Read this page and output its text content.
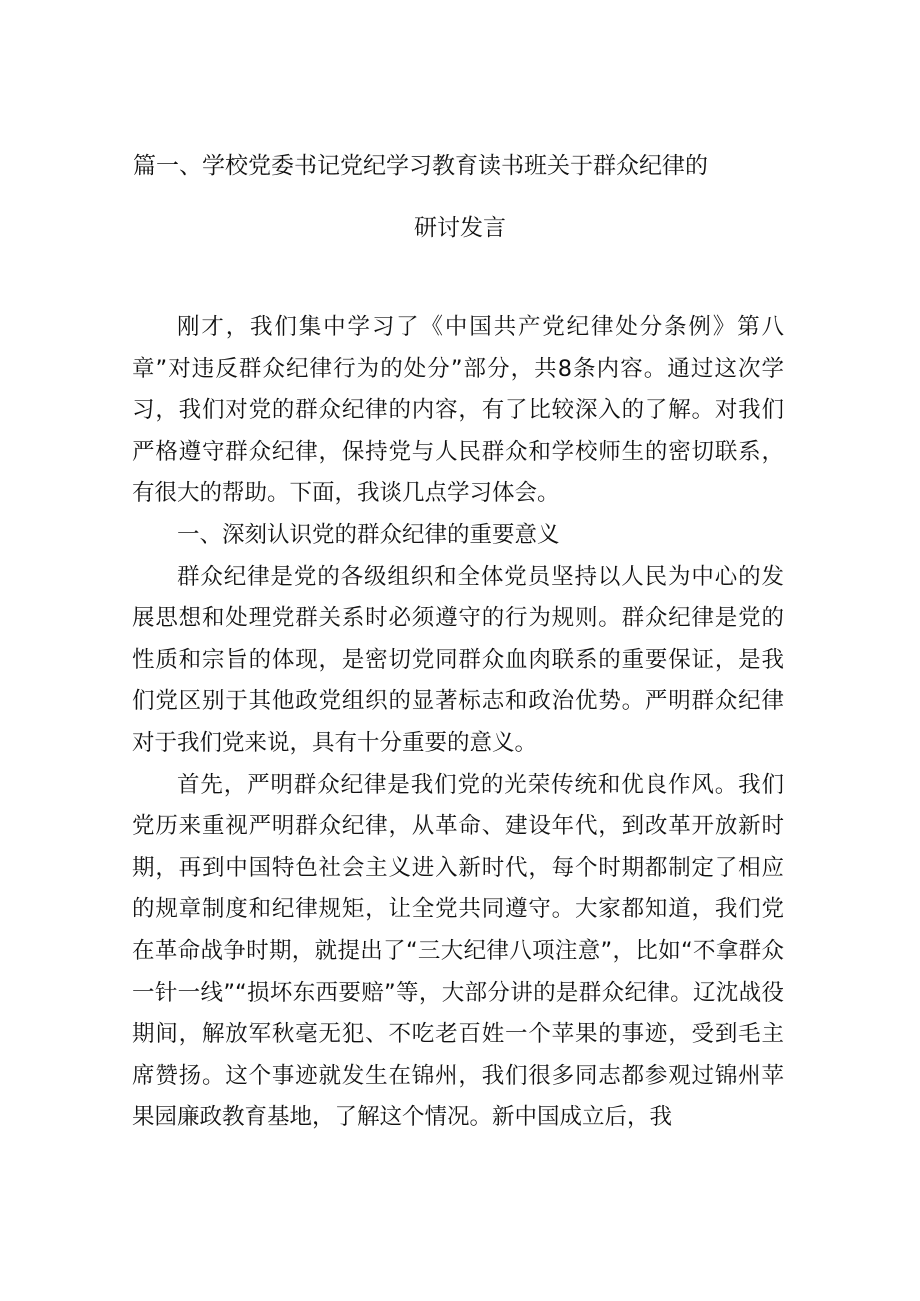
篇一、学校党委书记党纪学习教育读书班关于群众纪律的
研讨发言

刚才，我们集中学习了《中国共产党纪律处分条例》第八章”对违反群众纪律行为的处分”部分，共8条内容。通过这次学习，我们对党的群众纪律的内容，有了比较深入的了解。对我们严格遵守群众纪律，保持党与人民群众和学校师生的密切联系，有很大的帮助。下面，我谈几点学习体会。

一、深刻认识党的群众纪律的重要意义

群众纪律是党的各级组织和全体党员坚持以人民为中心的发展思想和处理党群关系时必须遵守的行为规则。群众纪律是党的性质和宗旨的体现，是密切党同群众血肉联系的重要保证，是我们党区别于其他政党组织的显著标志和政治优势。严明群众纪律对于我们党来说，具有十分重要的意义。

首先，严明群众纪律是我们党的光荣传统和优良作风。我们党历来重视严明群众纪律，从革命、建设年代，到改革开放新时期，再到中国特色社会主义进入新时代，每个时期都制定了相应的规章制度和纪律规矩，让全党共同遵守。大家都知道，我们党在革命战争时期，就提出了“三大纪律八项注意”，比如“不拿群众一针一线”“损坏东西要赔”等，大部分讲的是群众纪律。辽沈战役期间，解放军秋毫无犯、不吃老百姓一个苹果的事迹，受到毛主席赞扬。这个事迹就发生在锦州，我们很多同志都参观过锦州苹果园廉政教育基地，了解这个情况。新中国成立后，我
